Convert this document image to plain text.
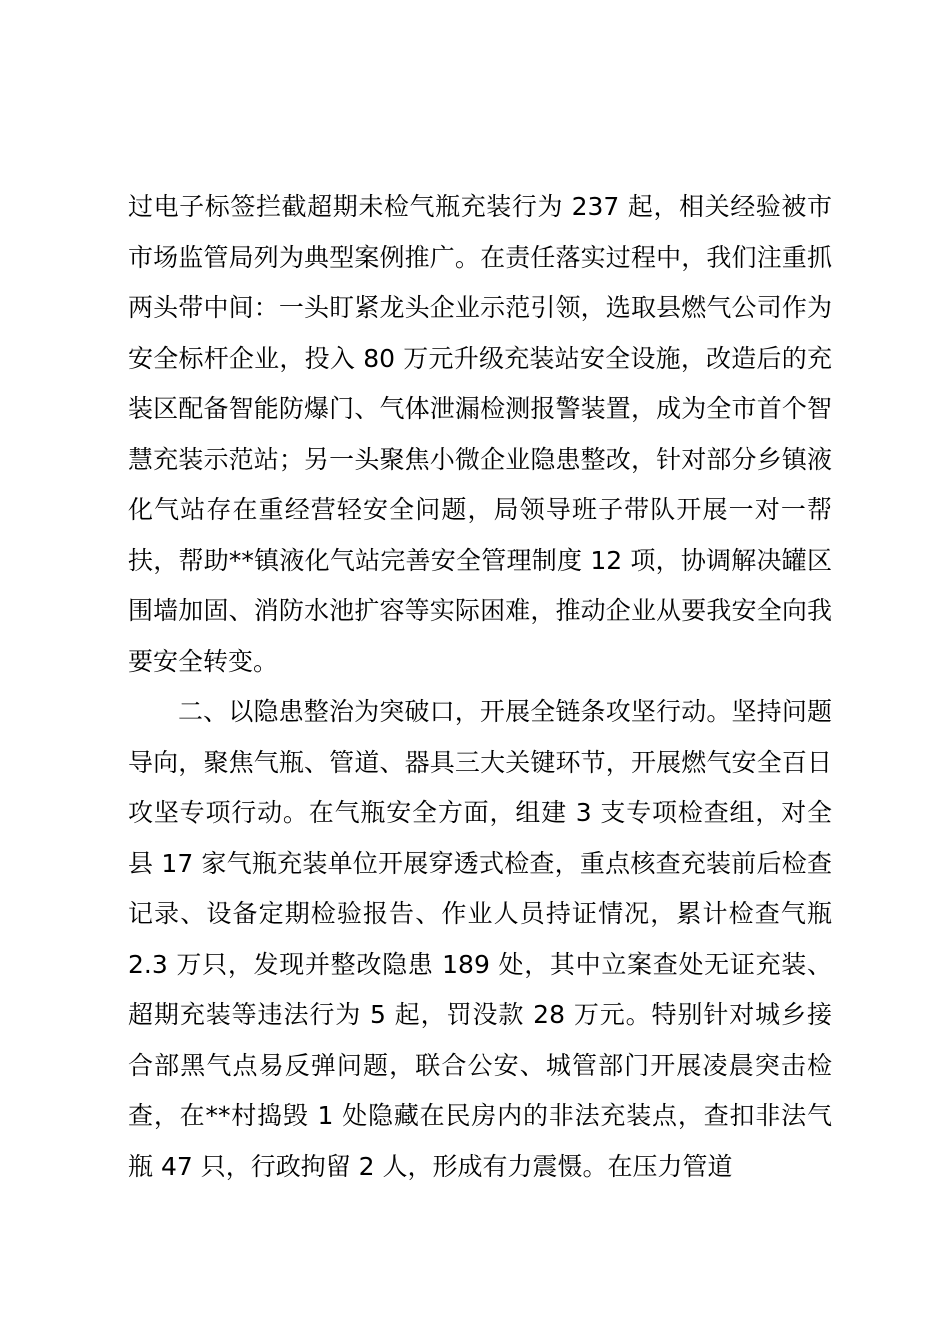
过电子标签拦截超期未检气瓶充装行为 237 起，相关经验被市市场监管局列为典型案例推广。在责任落实过程中，我们注重抓两头带中间：一头盯紧龙头企业示范引领，选取县燃气公司作为安全标杆企业，投入 80 万元升级充装站安全设施，改造后的充装区配备智能防爆门、气体泄漏检测报警装置，成为全市首个智慧充装示范站；另一头聚焦小微企业隐患整改，针对部分乡镇液化气站存在重经营轻安全问题，局领导班子带队开展一对一帮扶，帮助**镇液化气站完善安全管理制度 12 项，协调解决罐区围墙加固、消防水池扩容等实际困难，推动企业从要我安全向我要安全转变。

二、以隐患整治为突破口，开展全链条攻坚行动。坚持问题导向，聚焦气瓶、管道、器具三大关键环节，开展燃气安全百日攻坚专项行动。在气瓶安全方面，组建 3 支专项检查组，对全县 17 家气瓶充装单位开展穿透式检查，重点核查充装前后检查记录、设备定期检验报告、作业人员持证情况，累计检查气瓶 2.3 万只，发现并整改隐患 189 处，其中立案查处无证充装、超期充装等违法行为 5 起，罚没款 28 万元。特别针对城乡接合部黑气点易反弹问题，联合公安、城管部门开展凌晨突击检查，在**村捣毁 1 处隐藏在民房内的非法充装点，查扣非法气瓶 47 只，行政拘留 2 人，形成有力震慑。在压力管道
